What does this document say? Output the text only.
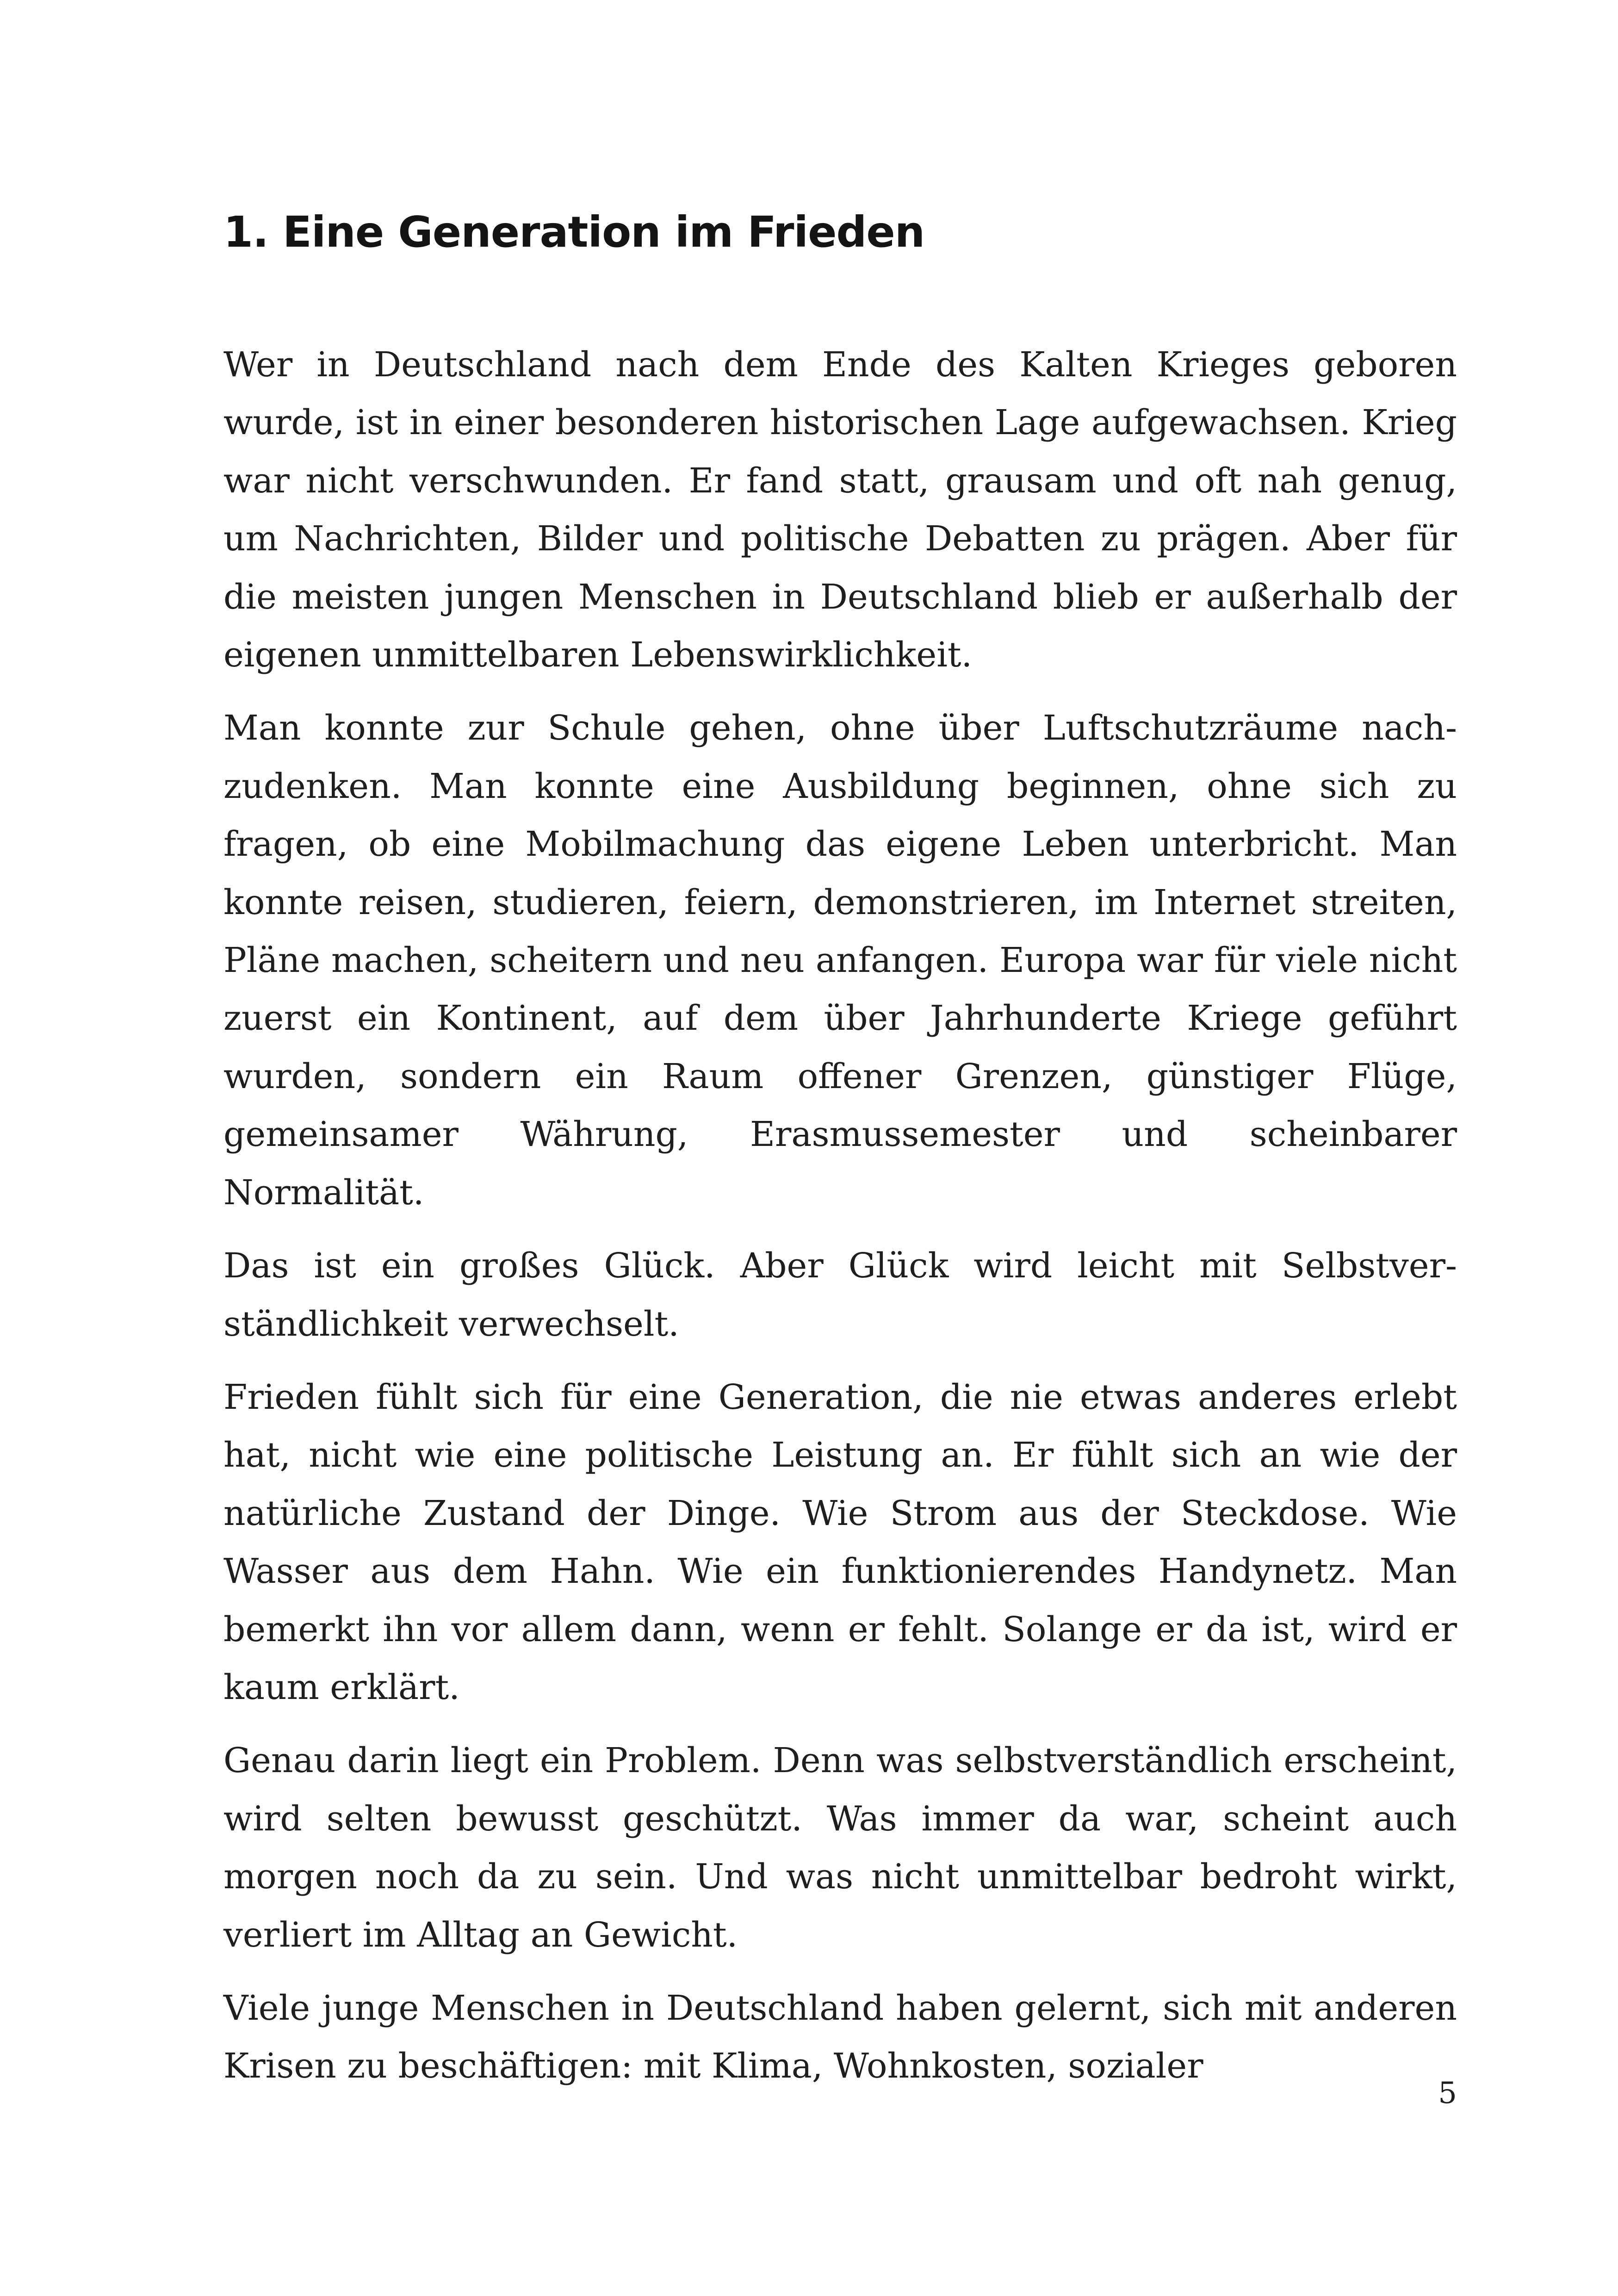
1. Eine Generation im Frieden

Wer in Deutschland nach dem Ende des Kalten Krieges geboren wurde, ist in einer besonderen historischen Lage aufgewachsen. Krieg war nicht verschwunden. Er fand statt, grausam und oft nah genug, um Nachrichten, Bilder und politische Debatten zu prägen. Aber für die meisten jungen Menschen in Deutschland blieb er außerhalb der eigenen unmittelbaren Lebenswirklichkeit.

Man konnte zur Schule gehen, ohne über Luftschutzräume nachzudenken. Man konnte eine Ausbildung beginnen, ohne sich zu fragen, ob eine Mobilmachung das eigene Leben unterbricht. Man konnte reisen, studieren, feiern, demonstrieren, im Internet streiten, Pläne machen, scheitern und neu anfangen. Europa war für viele nicht zuerst ein Kontinent, auf dem über Jahrhunderte Kriege geführt wurden, sondern ein Raum offener Grenzen, günstiger Flüge, gemeinsamer Währung, Erasmussemester und scheinbarer Normalität.

Das ist ein großes Glück. Aber Glück wird leicht mit Selbstverständlichkeit verwechselt.

Frieden fühlt sich für eine Generation, die nie etwas anderes erlebt hat, nicht wie eine politische Leistung an. Er fühlt sich an wie der natürliche Zustand der Dinge. Wie Strom aus der Steckdose. Wie Wasser aus dem Hahn. Wie ein funktionierendes Handynetz. Man bemerkt ihn vor allem dann, wenn er fehlt. Solange er da ist, wird er kaum erklärt.

Genau darin liegt ein Problem. Denn was selbstverständlich erscheint, wird selten bewusst geschützt. Was immer da war, scheint auch morgen noch da zu sein. Und was nicht unmittelbar bedroht wirkt, verliert im Alltag an Gewicht.

Viele junge Menschen in Deutschland haben gelernt, sich mit anderen Krisen zu beschäftigen: mit Klima, Wohnkosten, sozialer

5
